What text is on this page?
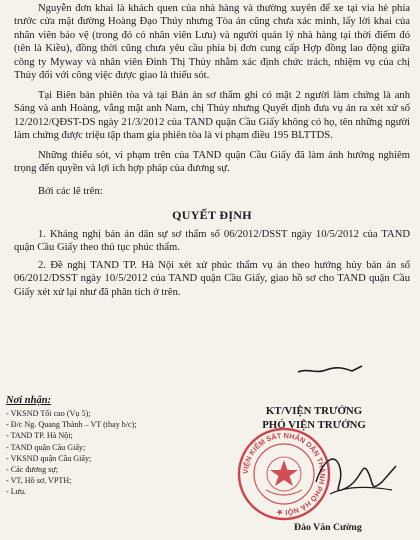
Nguyễn đơn khai là khách quen của nhà hàng và thường xuyên để xe tại vỉa hè phía trước cửa mặt đường Hoàng Đạo Thúy nhưng Tòa án cũng chưa xác minh, lấy lời khai của nhân viên bảo vệ (trong đó có nhân viên Lưu) và người quản lý nhà hàng tại thời điểm đó (tên là Kiều), đồng thời cũng chưa yêu cầu phía bị đơn cung cấp Hợp đồng lao động giữa công ty Myway và nhân viên Đinh Thị Thủy nhằm xác định chức trách, nhiệm vụ của chị Thủy đối với công việc được giao là thiếu sót.

Tại Biên bản phiên tòa và tại Bản án sơ thẩm ghi có mặt 2 người làm chứng là anh Sáng và anh Hoàng, vắng mặt anh Nam, chị Thủy nhưng Quyết định đưa vụ án ra xét xử số 12/2012/QĐST-DS ngày 21/3/2012 của TAND quận Cầu Giấy không có họ, tên những người làm chứng được triệu tập tham gia phiên tòa là vi phạm điều 195 BLTTDS.

Những thiếu sót, vi phạm trên của TAND quận Cầu Giấy đã làm ảnh hưởng nghiêm trọng đến quyền và lợi ích hợp pháp của đương sự.

Bởi các lẽ trên:

QUYẾT ĐỊNH

1. Kháng nghị bản án dân sự sơ thẩm số 06/2012/DSST ngày 10/5/2012 của TAND quận Cầu Giấy theo thủ tục phúc thẩm.

2. Đề nghị TAND TP. Hà Nội xét xử phúc thẩm vụ án theo hướng hủy bản án số 06/2012/DSST ngày 10/5/2012 của TAND quận Cầu Giấy, giao hồ sơ cho TAND quận Cầu Giấy xét xử lại như đã phân tích ở trên.

Nơi nhận:

- VKSND Tối cao (Vụ 5);
- Đ/c Ng. Quang Thành – VT (thay b/c);
- TAND TP. Hà Nội;
- TAND quận Cầu Giấy;
- VKSND quận Cầu Giấy;
- Các đương sự;
- VT, Hồ sơ, VPTH;
- Lưu.
KT/VIỆN TRƯỞNG
PHÓ VIỆN TRƯỞNG
VIỆN KIỂM SÁT NHÂN DÂN THÀNH PHỐ HÀ NỘI ★
Đào Văn Cường
